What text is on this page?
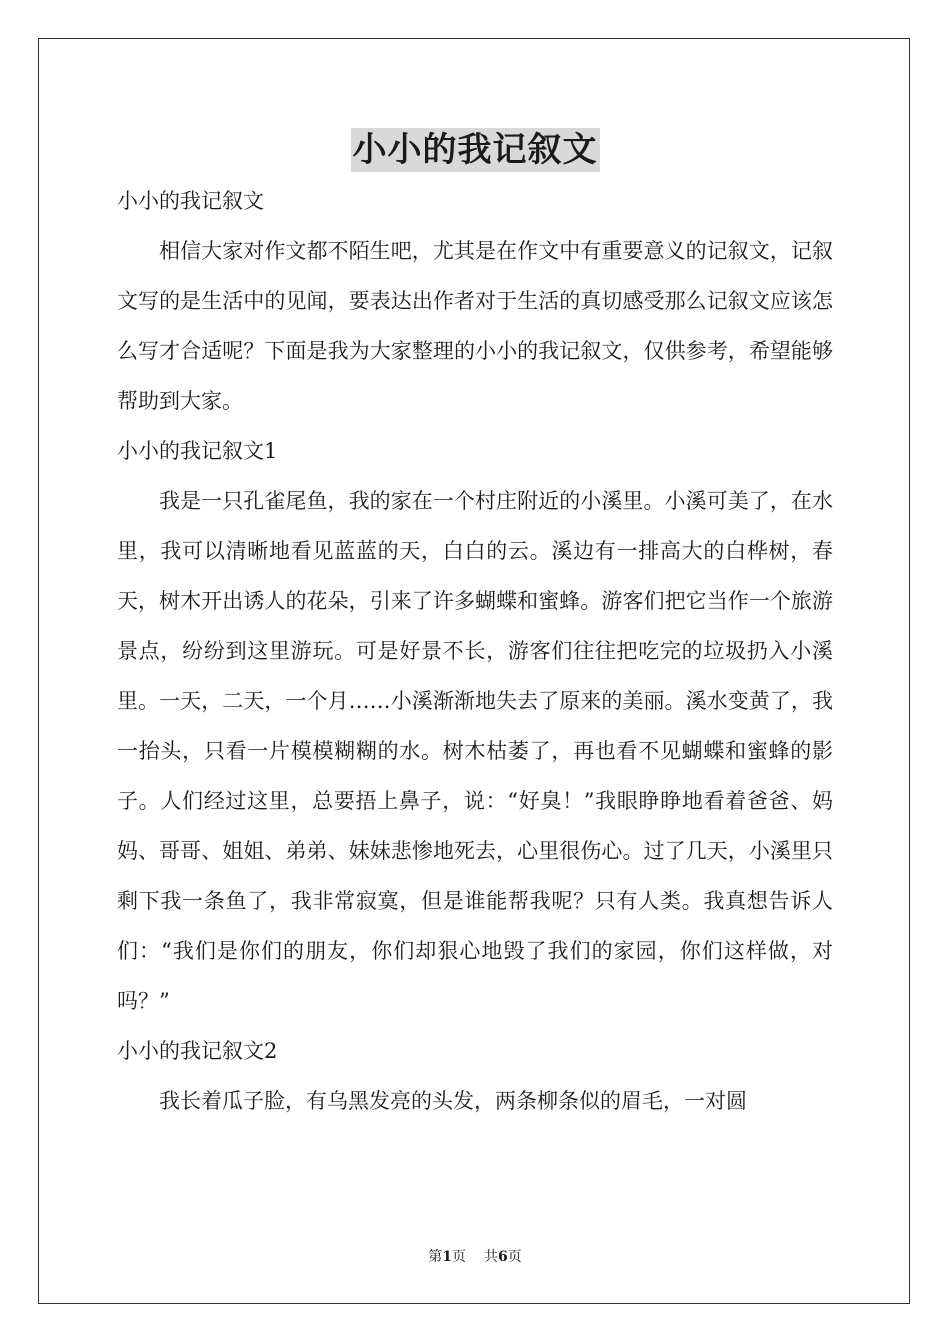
小小的我记叙文

小小的我记叙文

相信大家对作文都不陌生吧，尤其是在作文中有重要意义的记叙文，记叙文写的是生活中的见闻，要表达出作者对于生活的真切感受那么记叙文应该怎么写才合适呢？下面是我为大家整理的小小的我记叙文，仅供参考，希望能够帮助到大家。

小小的我记叙文1

我是一只孔雀尾鱼，我的家在一个村庄附近的小溪里。小溪可美了，在水里，我可以清晰地看见蓝蓝的天，白白的云。溪边有一排高大的白桦树，春天，树木开出诱人的花朵，引来了许多蝴蝶和蜜蜂。游客们把它当作一个旅游景点，纷纷到这里游玩。可是好景不长，游客们往往把吃完的垃圾扔入小溪里。一天，二天，一个月……小溪渐渐地失去了原来的美丽。溪水变黄了，我一抬头，只看一片模模糊糊的水。树木枯萎了，再也看不见蝴蝶和蜜蜂的影子。人们经过这里，总要捂上鼻子，说：“好臭！”我眼睁睁地看着爸爸、妈妈、哥哥、姐姐、弟弟、妹妹悲惨地死去，心里很伤心。过了几天，小溪里只剩下我一条鱼了，我非常寂寞，但是谁能帮我呢？只有人类。我真想告诉人们：“我们是你们的朋友，你们却狠心地毁了我们的家园，你们这样做，对吗？”

小小的我记叙文2

我长着瓜子脸，有乌黑发亮的头发，两条柳条似的眉毛，一对圆

第1页 共6页
